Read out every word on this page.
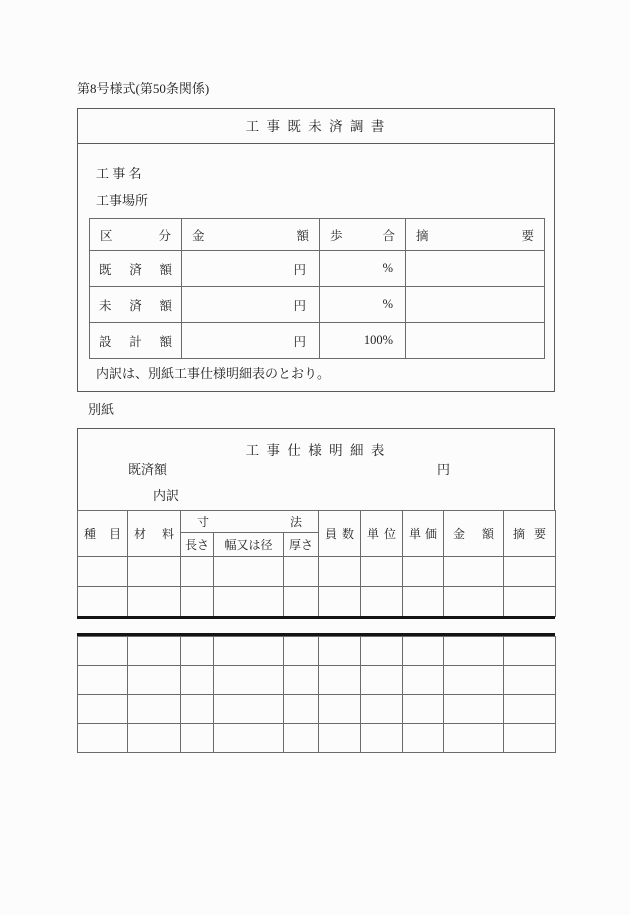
第8号様式(第50条関係)
工 事 既 未 済 調 書
工 事 名
工事場所
区 分	金 額	歩 合	摘 要
既 済 額	円	%	
未 済 額	円	%	
設 計 額	円	100%	
内訳は、別紙工事仕様明細表のとおり。
別紙
工 事 仕 様 明 細 表
既済額	円
内訳
種 目	材 料	寸 法			員 数	単 位	単 価	金 額	摘 要
		長さ	幅又は径	厚さ					
